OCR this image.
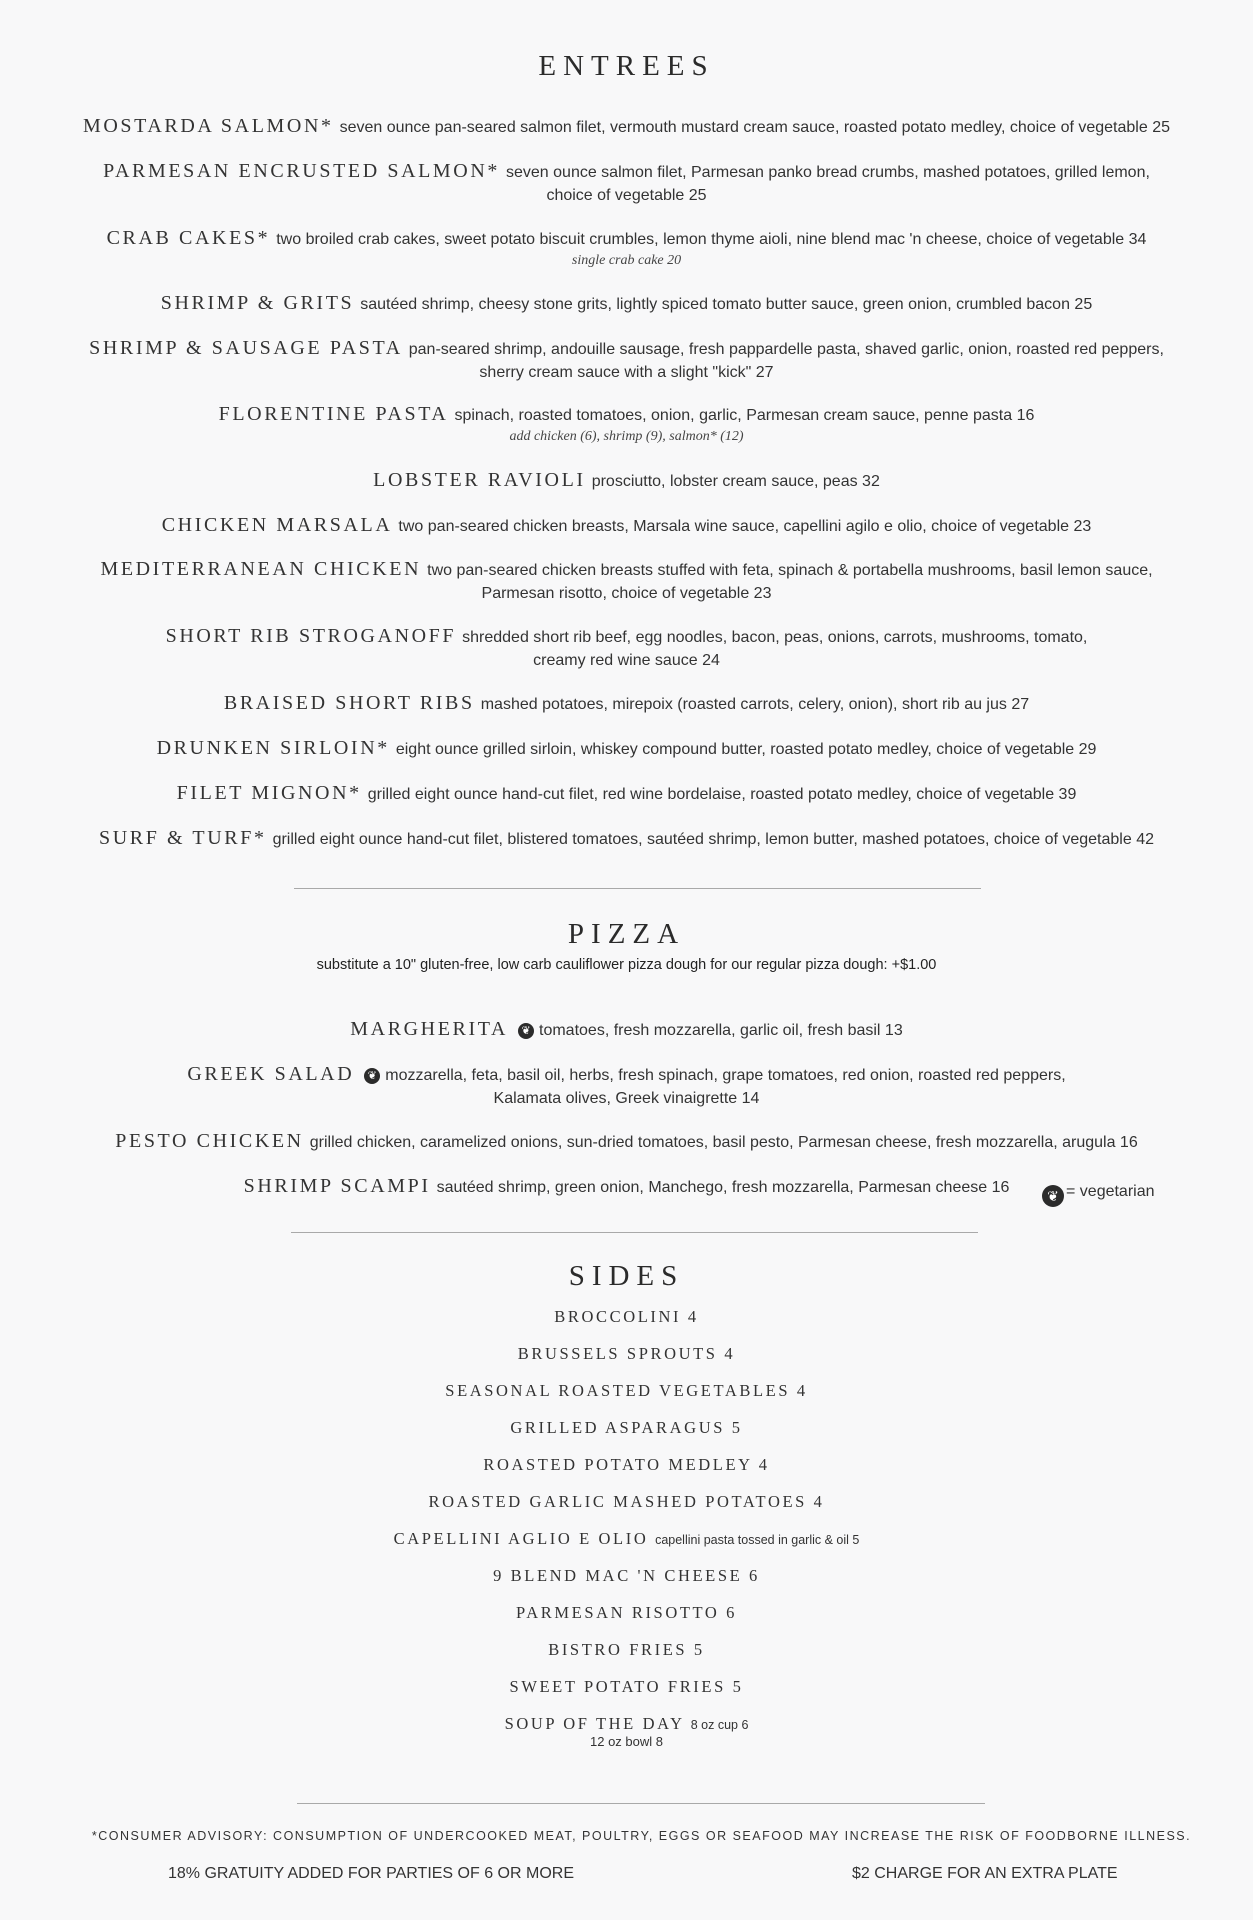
ENTREES
MOSTARDA SALMON* seven ounce pan-seared salmon filet, vermouth mustard cream sauce, roasted potato medley, choice of vegetable 25
PARMESAN ENCRUSTED SALMON* seven ounce salmon filet, Parmesan panko bread crumbs, mashed potatoes, grilled lemon,
choice of vegetable 25
CRAB CAKES* two broiled crab cakes, sweet potato biscuit crumbles, lemon thyme aioli, nine blend mac 'n cheese, choice of vegetable 34
single crab cake 20
SHRIMP & GRITS sautéed shrimp, cheesy stone grits, lightly spiced tomato butter sauce, green onion, crumbled bacon 25
SHRIMP & SAUSAGE PASTA pan-seared shrimp, andouille sausage, fresh pappardelle pasta, shaved garlic, onion, roasted red peppers,
sherry cream sauce with a slight "kick" 27
FLORENTINE PASTA spinach, roasted tomatoes, onion, garlic, Parmesan cream sauce, penne pasta 16
add chicken (6), shrimp (9), salmon* (12)
LOBSTER RAVIOLI prosciutto, lobster cream sauce, peas 32
CHICKEN MARSALA two pan-seared chicken breasts, Marsala wine sauce, capellini agilo e olio, choice of vegetable 23
MEDITERRANEAN CHICKEN two pan-seared chicken breasts stuffed with feta, spinach & portabella mushrooms, basil lemon sauce,
Parmesan risotto, choice of vegetable 23
SHORT RIB STROGANOFF shredded short rib beef, egg noodles, bacon, peas, onions, carrots, mushrooms, tomato,
creamy red wine sauce 24
BRAISED SHORT RIBS mashed potatoes, mirepoix (roasted carrots, celery, onion), short rib au jus 27
DRUNKEN SIRLOIN* eight ounce grilled sirloin, whiskey compound butter, roasted potato medley, choice of vegetable 29
FILET MIGNON* grilled eight ounce hand-cut filet, red wine bordelaise, roasted potato medley, choice of vegetable 39
SURF & TURF* grilled eight ounce hand-cut filet, blistered tomatoes, sautéed shrimp, lemon butter, mashed potatoes, choice of vegetable 42
PIZZA
substitute a 10" gluten-free, low carb cauliflower pizza dough for our regular pizza dough: +$1.00
MARGHERITA ❦ tomatoes, fresh mozzarella, garlic oil, fresh basil 13
GREEK SALAD ❦ mozzarella, feta, basil oil, herbs, fresh spinach, grape tomatoes, red onion, roasted red peppers,
Kalamata olives, Greek vinaigrette 14
PESTO CHICKEN grilled chicken, caramelized onions, sun-dried tomatoes, basil pesto, Parmesan cheese, fresh mozzarella, arugula 16
SHRIMP SCAMPI sautéed shrimp, green onion, Manchego, fresh mozzarella, Parmesan cheese 16	❦ = vegetarian
SIDES
BROCCOLINI 4
BRUSSELS SPROUTS 4
SEASONAL ROASTED VEGETABLES 4
GRILLED ASPARAGUS 5
ROASTED POTATO MEDLEY 4
ROASTED GARLIC MASHED POTATOES 4
CAPELLINI AGLIO E OLIO capellini pasta tossed in garlic & oil 5
9 BLEND MAC 'N CHEESE 6
PARMESAN RISOTTO 6
BISTRO FRIES 5
SWEET POTATO FRIES 5
SOUP OF THE DAY 8 oz cup 6
12 oz bowl 8
*CONSUMER ADVISORY: CONSUMPTION OF UNDERCOOKED MEAT, POULTRY, EGGS OR SEAFOOD MAY INCREASE THE RISK OF FOODBORNE ILLNESS.
18% GRATUITY ADDED FOR PARTIES OF 6 OR MORE	$2 CHARGE FOR AN EXTRA PLATE
